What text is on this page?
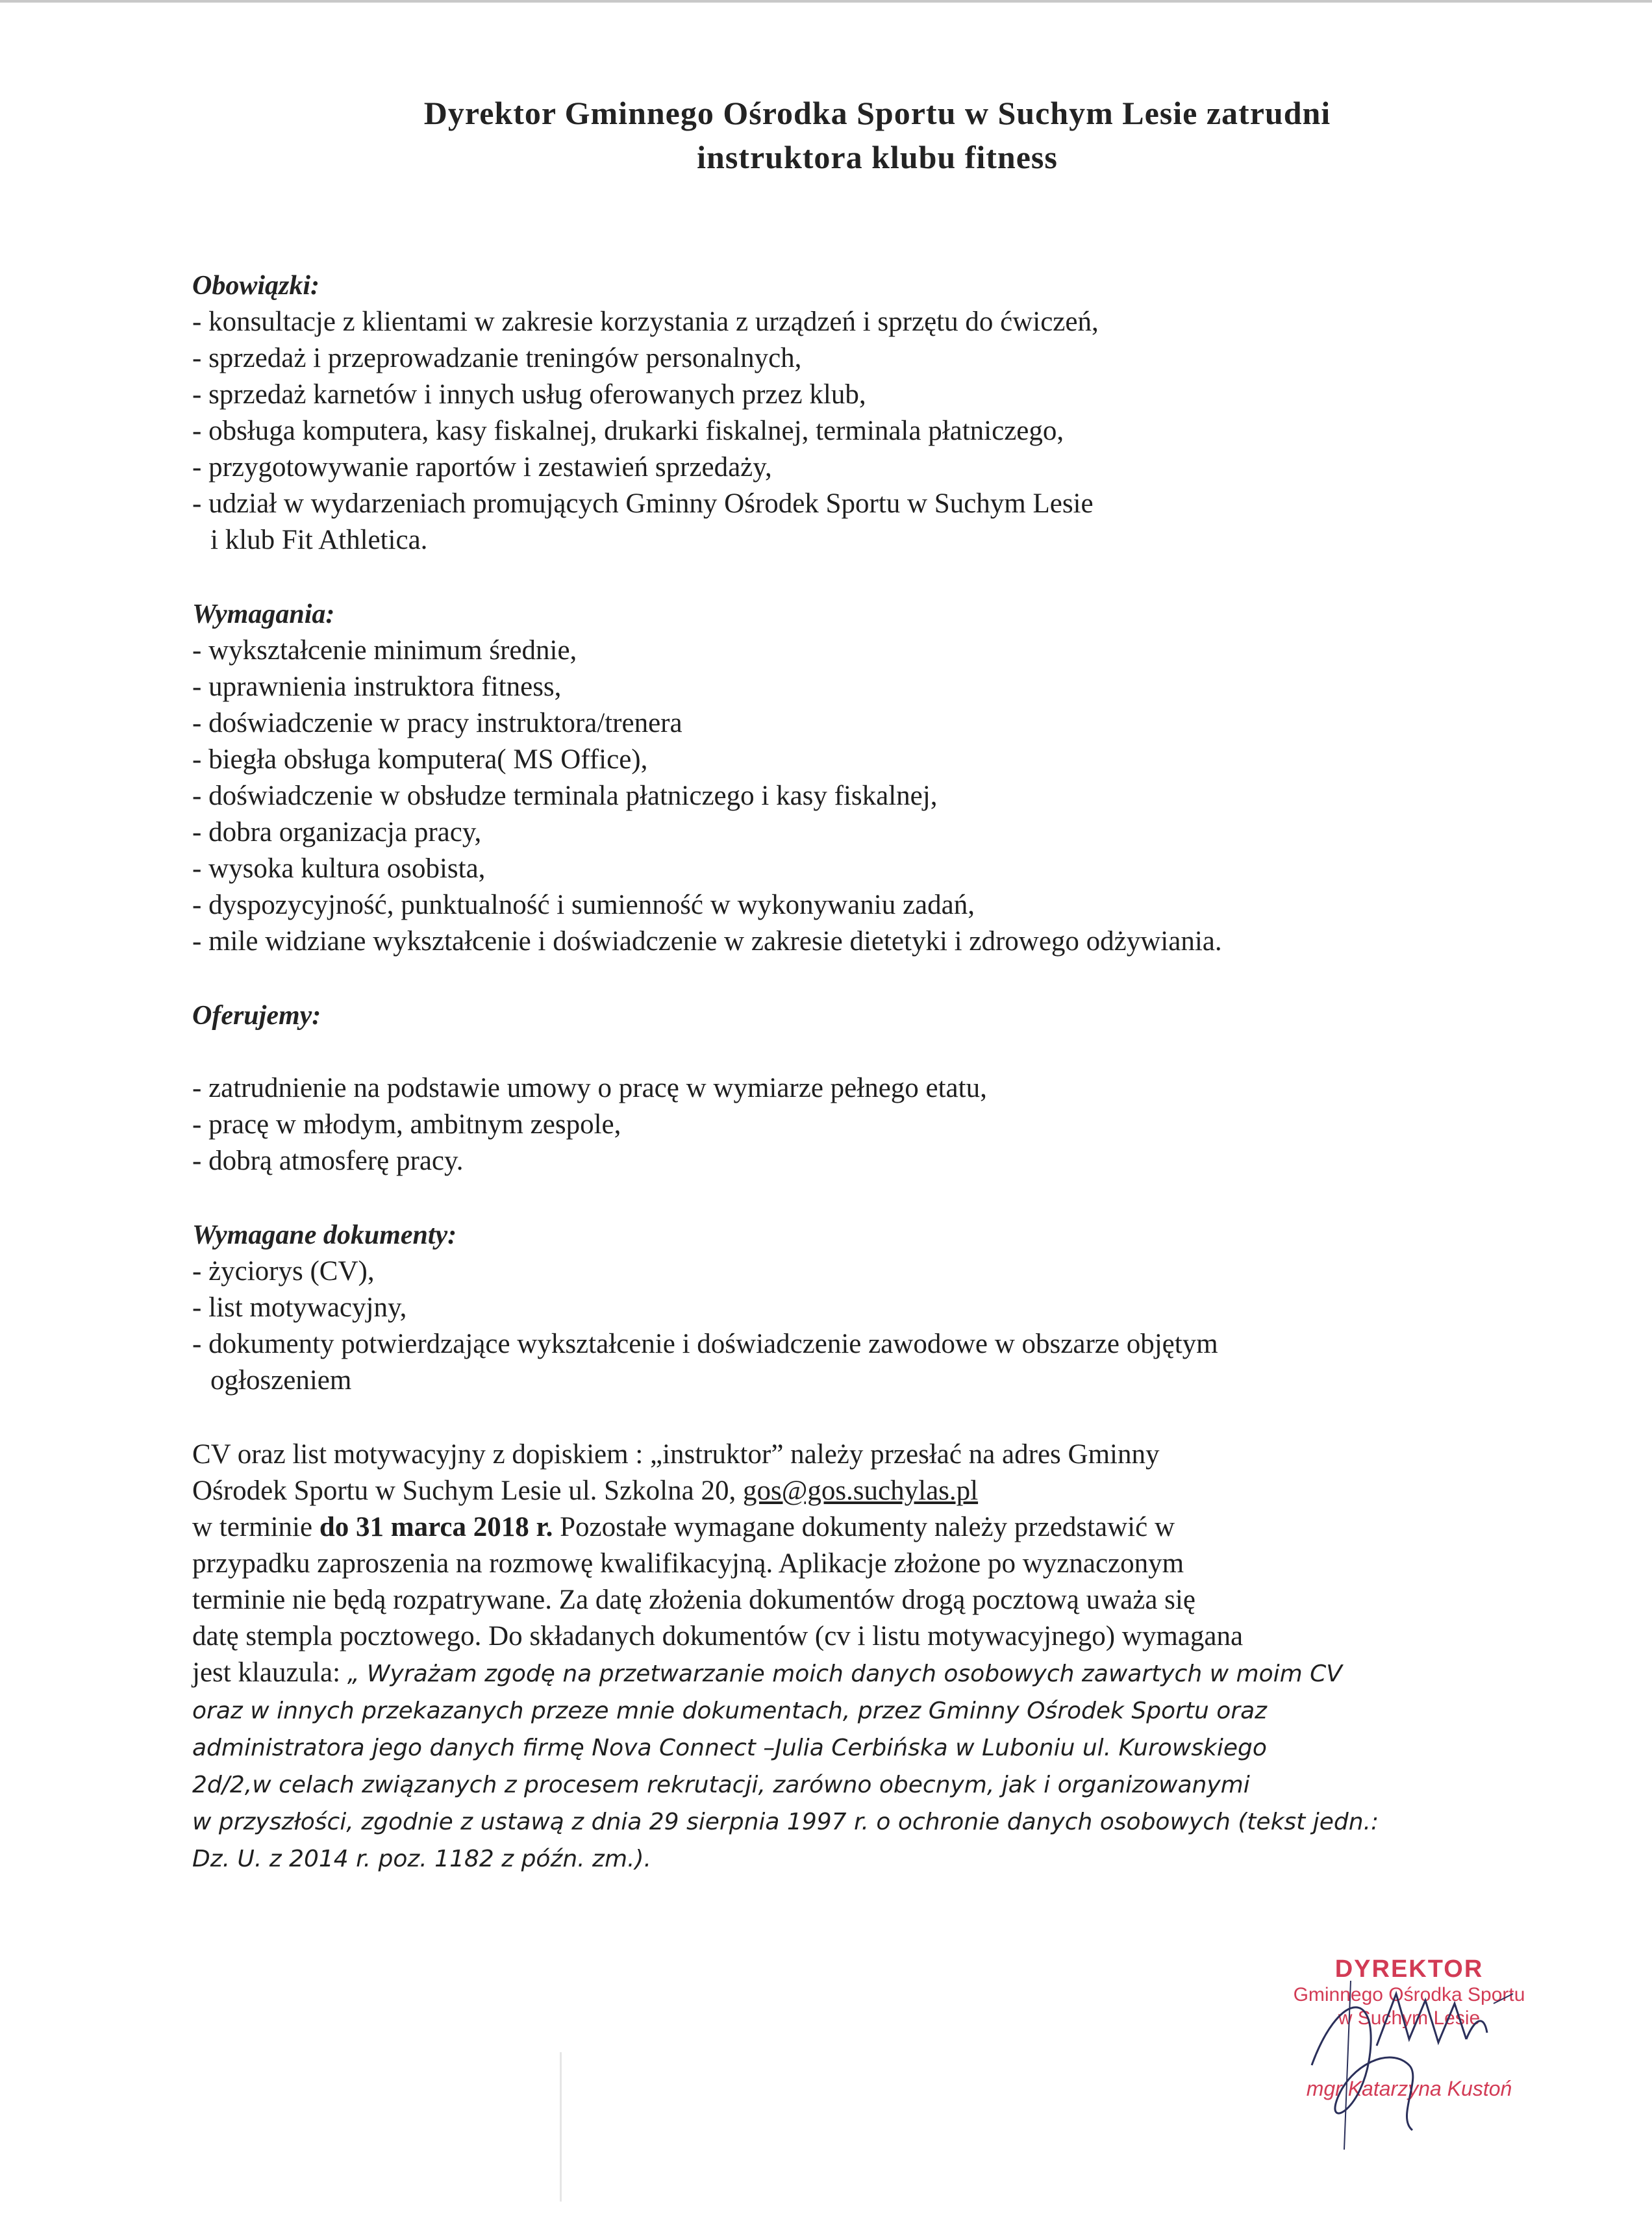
Dyrektor Gminnego Ośrodka Sportu w Suchym Lesie zatrudni
instruktora klubu fitness

Obowiązki:

- konsultacje z klientami w zakresie korzystania z urządzeń i sprzętu do ćwiczeń,
- sprzedaż i przeprowadzanie treningów personalnych,
- sprzedaż karnetów i innych usług oferowanych przez klub,
- obsługa komputera, kasy fiskalnej, drukarki fiskalnej, terminala płatniczego,
- przygotowywanie raportów i zestawień sprzedaży,
- udział w wydarzeniach promujących Gminny Ośrodek Sportu w Suchym Lesie
i klub Fit Athletica.

Wymagania:

- wykształcenie minimum średnie,
- uprawnienia instruktora fitness,
- doświadczenie w pracy instruktora/trenera
- biegła obsługa komputera( MS Office),
- doświadczenie w obsłudze terminala płatniczego i kasy fiskalnej,
- dobra organizacja pracy,
- wysoka kultura osobista,
- dyspozycyjność, punktualność i sumienność w wykonywaniu zadań,
- mile widziane wykształcenie i doświadczenie w zakresie dietetyki i zdrowego odżywiania.

Oferujemy:

- zatrudnienie na podstawie umowy o pracę w wymiarze pełnego etatu,
- pracę w młodym, ambitnym zespole,
- dobrą atmosferę pracy.

Wymagane dokumenty:

- życiorys (CV),
- list motywacyjny,
- dokumenty potwierdzające wykształcenie i doświadczenie zawodowe w obszarze objętym
ogłoszeniem

CV oraz list motywacyjny z dopiskiem : „instruktor” należy przesłać na adres Gminny

Ośrodek Sportu w Suchym Lesie ul. Szkolna 20, gos@gos.suchylas.pl

w terminie do 31 marca 2018 r. Pozostałe wymagane dokumenty należy przedstawić w

przypadku zaproszenia na rozmowę kwalifikacyjną. Aplikacje złożone po wyznaczonym

terminie nie będą rozpatrywane. Za datę złożenia dokumentów drogą pocztową uważa się

datę stempla pocztowego. Do składanych dokumentów (cv i listu motywacyjnego) wymagana

jest klauzula: „ Wyrażam zgodę na przetwarzanie moich danych osobowych zawartych w moim CV

oraz w innych przekazanych przeze mnie dokumentach, przez Gminny Ośrodek Sportu oraz

administratora jego danych firmę Nova Connect –Julia Cerbińska w Luboniu ul. Kurowskiego

2d/2,w celach związanych z procesem rekrutacji, zarówno obecnym, jak i organizowanymi

w przyszłości, zgodnie z ustawą z dnia 29 sierpnia 1997 r. o ochronie danych osobowych (tekst jedn.:

Dz. U. z 2014 r. poz. 1182 z późn. zm.).

DYREKTOR
Gminnego Ośrodka Sportu
w Suchym Lesie
mgr Katarzyna Kustoń
